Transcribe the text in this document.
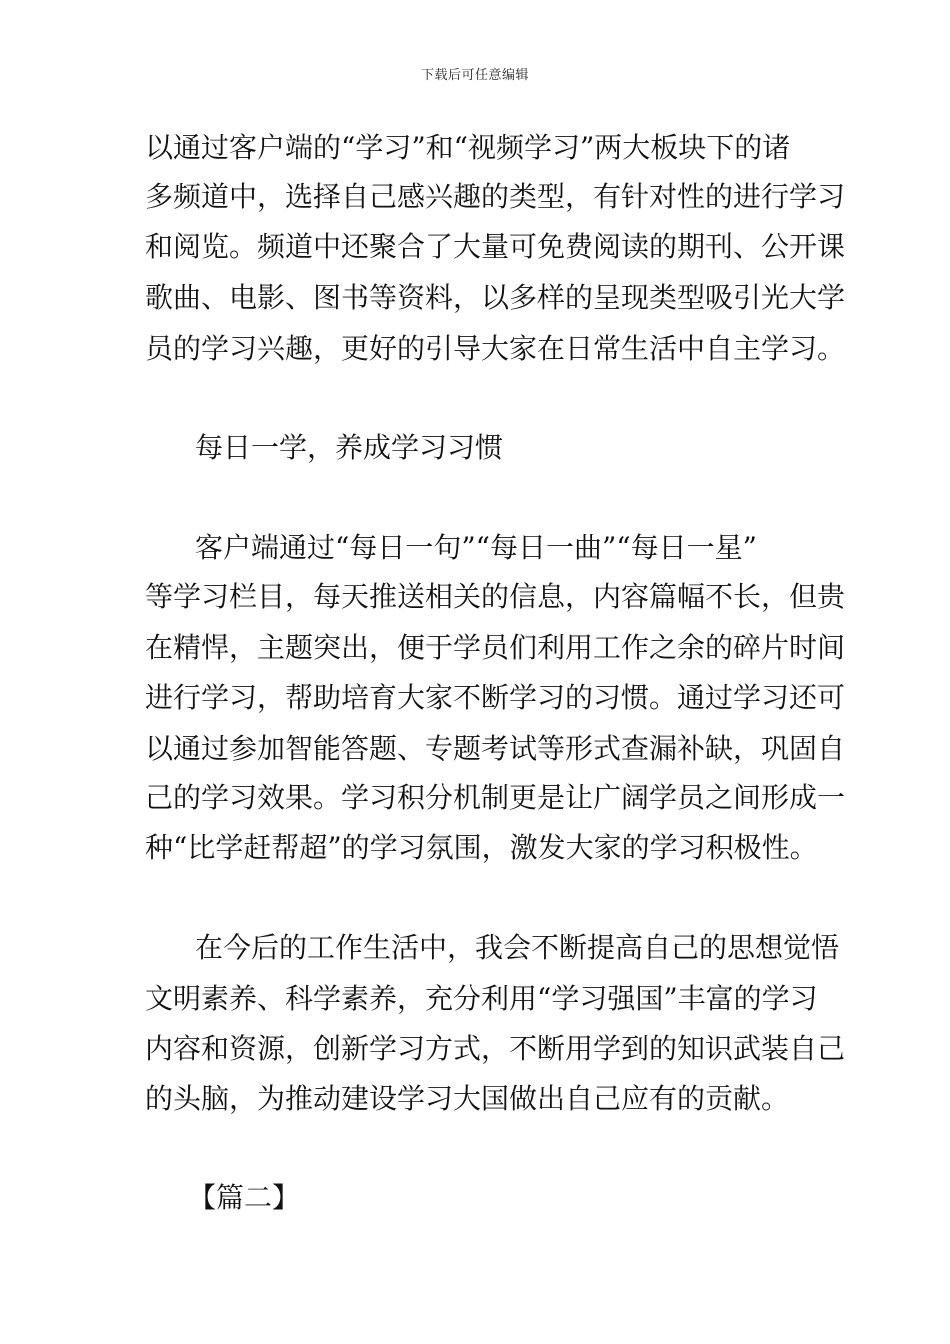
下载后可任意编辑
以通过客户端的“学习”和“视频学习”两大板块下的诸
多频道中，选择自己感兴趣的类型，有针对性的进行学习
和阅览。频道中还聚合了大量可免费阅读的期刊、公开课
歌曲、电影、图书等资料，以多样的呈现类型吸引光大学
员的学习兴趣，更好的引导大家在日常生活中自主学习。
每日一学，养成学习习惯
客户端通过“每日一句”“每日一曲”“每日一星”
等学习栏目，每天推送相关的信息，内容篇幅不长，但贵
在精悍，主题突出，便于学员们利用工作之余的碎片时间
进行学习，帮助培育大家不断学习的习惯。通过学习还可
以通过参加智能答题、专题考试等形式查漏补缺，巩固自
己的学习效果。学习积分机制更是让广阔学员之间形成一
种“比学赶帮超”的学习氛围，激发大家的学习积极性。
在今后的工作生活中，我会不断提高自己的思想觉悟
文明素养、科学素养，充分利用“学习强国”丰富的学习
内容和资源，创新学习方式，不断用学到的知识武装自己
的头脑，为推动建设学习大国做出自己应有的贡献。
【篇二】
